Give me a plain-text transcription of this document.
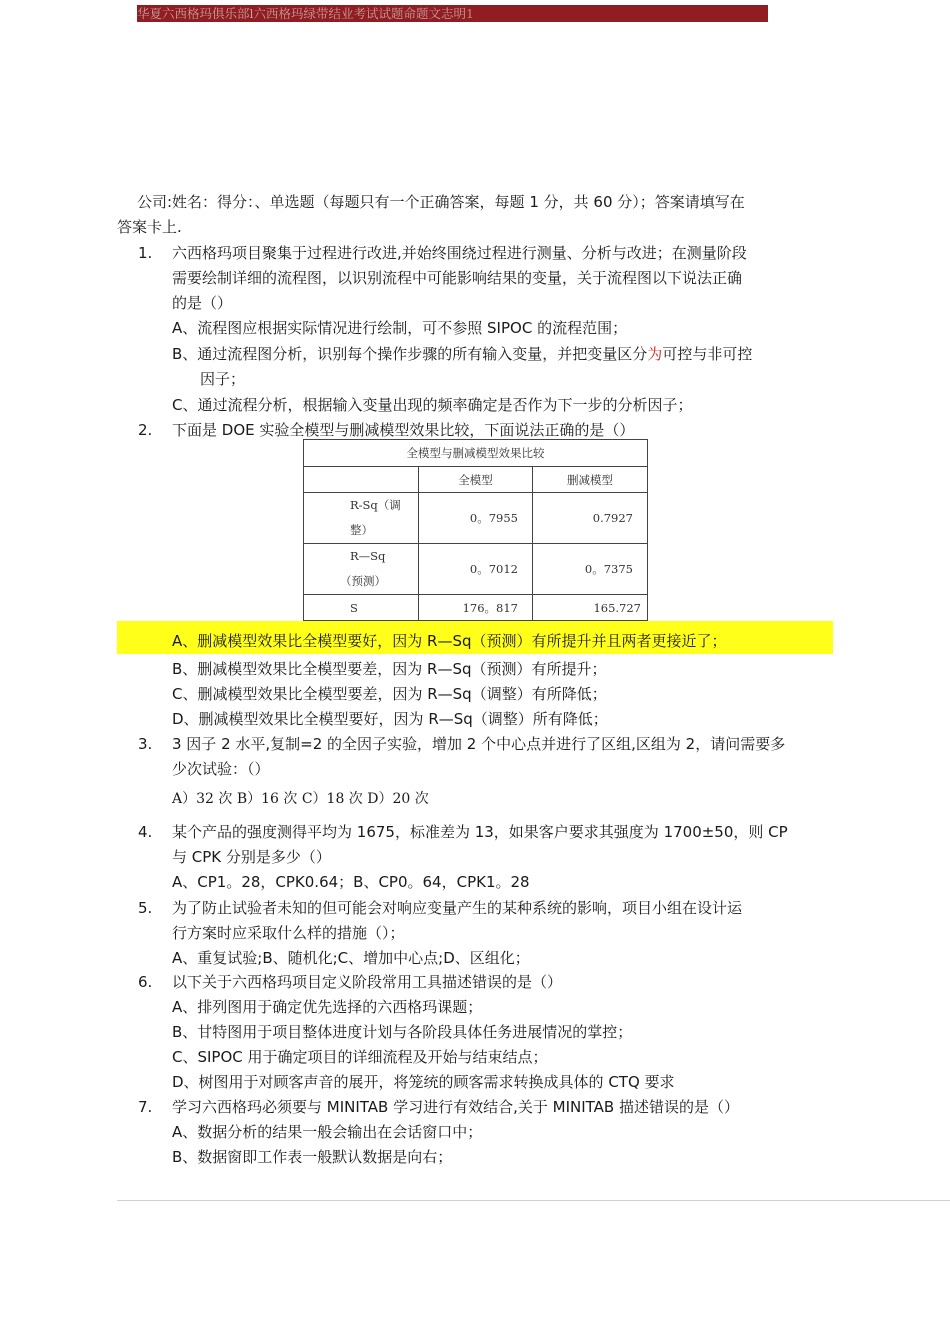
华夏六西格玛俱乐部l六西格玛绿带结业考试试题命题文志明1
公司:姓名：得分：、单选题（每题只有一个正确答案，每题 1 分，共 60 分）；答案请填写在
答案卡上.
1. 六西格玛项目聚集于过程进行改进,并始终围绕过程进行测量、分析与改进；在测量阶段
需要绘制详细的流程图，以识别流程中可能影响结果的变量，关于流程图以下说法正确
的是（）
A、流程图应根据实际情况进行绘制，可不参照 SIPOC 的流程范围；
B、通过流程图分析，识别每个操作步骤的所有输入变量，并把变量区分为可控与非可控
因子；
C、通过流程分析，根据输入变量出现的频率确定是否作为下一步的分析因子；
2. 下面是 DOE 实验全模型与删减模型效果比较，下面说法正确的是（）
全模型与删减模型效果比较		
	全模型	删减模型
R-Sq（调
整）	0。7955	0.7927
R—Sq
（预测）	0。7012	0。7375
S	176。817	165.727
A、删减模型效果比全模型要好，因为 R—Sq（预测）有所提升并且两者更接近了；
B、删减模型效果比全模型要差，因为 R—Sq（预测）有所提升；
C、删减模型效果比全模型要差，因为 R—Sq（调整）有所降低；
D、删减模型效果比全模型要好，因为 R—Sq（调整）所有降低；
3. 3 因子 2 水平,复制=2 的全因子实验，增加 2 个中心点并进行了区组,区组为 2，请问需要多
少次试验：（）
A）32 次 B）16 次 C）18 次 D）20 次
4. 某个产品的强度测得平均为 1675，标准差为 13，如果客户要求其强度为 1700±50，则 CP
与 CPK 分别是多少（）
A、CP1。28，CPK0.64；B、CP0。64，CPK1。28
5. 为了防止试验者未知的但可能会对响应变量产生的某种系统的影响，项目小组在设计运
行方案时应采取什么样的措施（）；
A、重复试验;B、随机化;C、增加中心点;D、区组化；
6. 以下关于六西格玛项目定义阶段常用工具描述错误的是（）
A、排列图用于确定优先选择的六西格玛课题；
B、甘特图用于项目整体进度计划与各阶段具体任务进展情况的掌控；
C、SIPOC 用于确定项目的详细流程及开始与结束结点；
D、树图用于对顾客声音的展开，将笼统的顾客需求转换成具体的 CTQ 要求
7. 学习六西格玛必须要与 MINITAB 学习进行有效结合,关于 MINITAB 描述错误的是（）
A、数据分析的结果一般会输出在会话窗口中；
B、数据窗即工作表一般默认数据是向右；
